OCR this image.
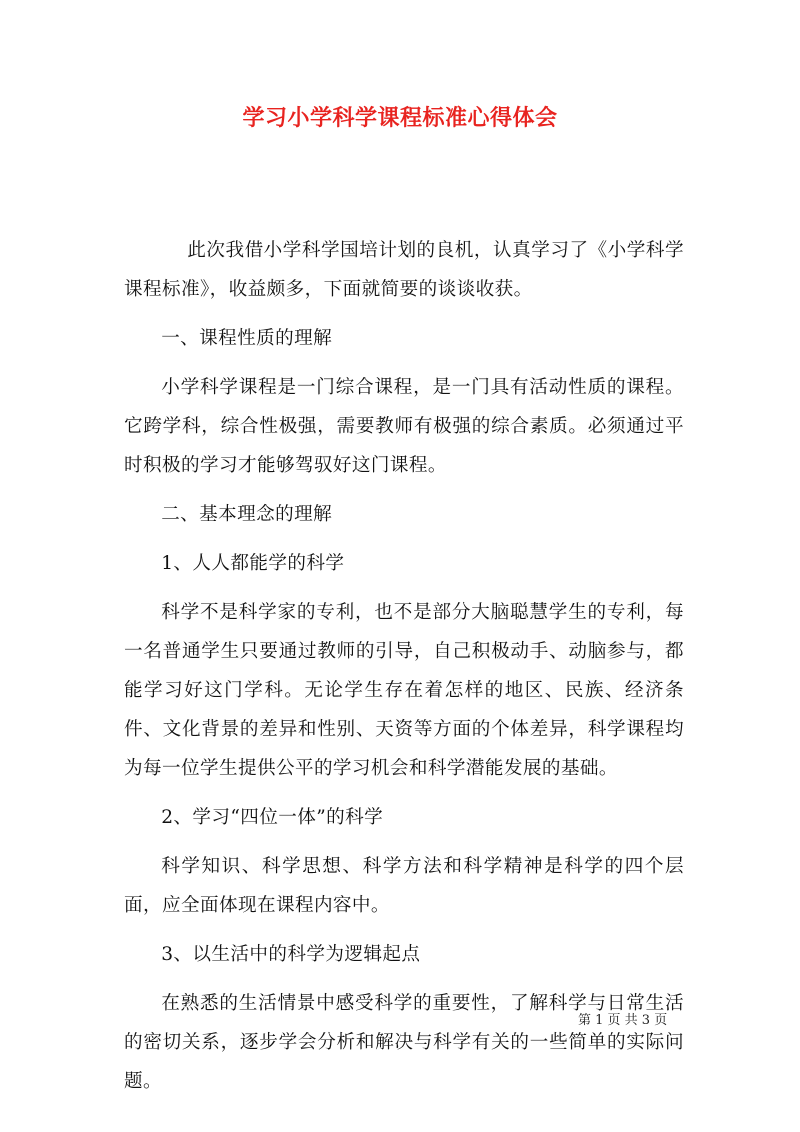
学习小学科学课程标准心得体会

此次我借小学科学国培计划的良机，认真学习了《小学科学课程标准》，收益颇多，下面就简要的谈谈收获。

一、课程性质的理解

小学科学课程是一门综合课程，是一门具有活动性质的课程。它跨学科，综合性极强，需要教师有极强的综合素质。必须通过平时积极的学习才能够驾驭好这门课程。

二、基本理念的理解

1、人人都能学的科学

科学不是科学家的专利，也不是部分大脑聪慧学生的专利，每一名普通学生只要通过教师的引导，自己积极动手、动脑参与，都能学习好这门学科。无论学生存在着怎样的地区、民族、经济条件、文化背景的差异和性别、天资等方面的个体差异，科学课程均为每一位学生提供公平的学习机会和科学潜能发展的基础。

2、学习“四位一体”的科学

科学知识、科学思想、科学方法和科学精神是科学的四个层面，应全面体现在课程内容中。

3、以生活中的科学为逻辑起点

在熟悉的生活情景中感受科学的重要性，了解科学与日常生活的密切关系，逐步学会分析和解决与科学有关的一些简单的实际问题。

第 1 页 共 3 页
